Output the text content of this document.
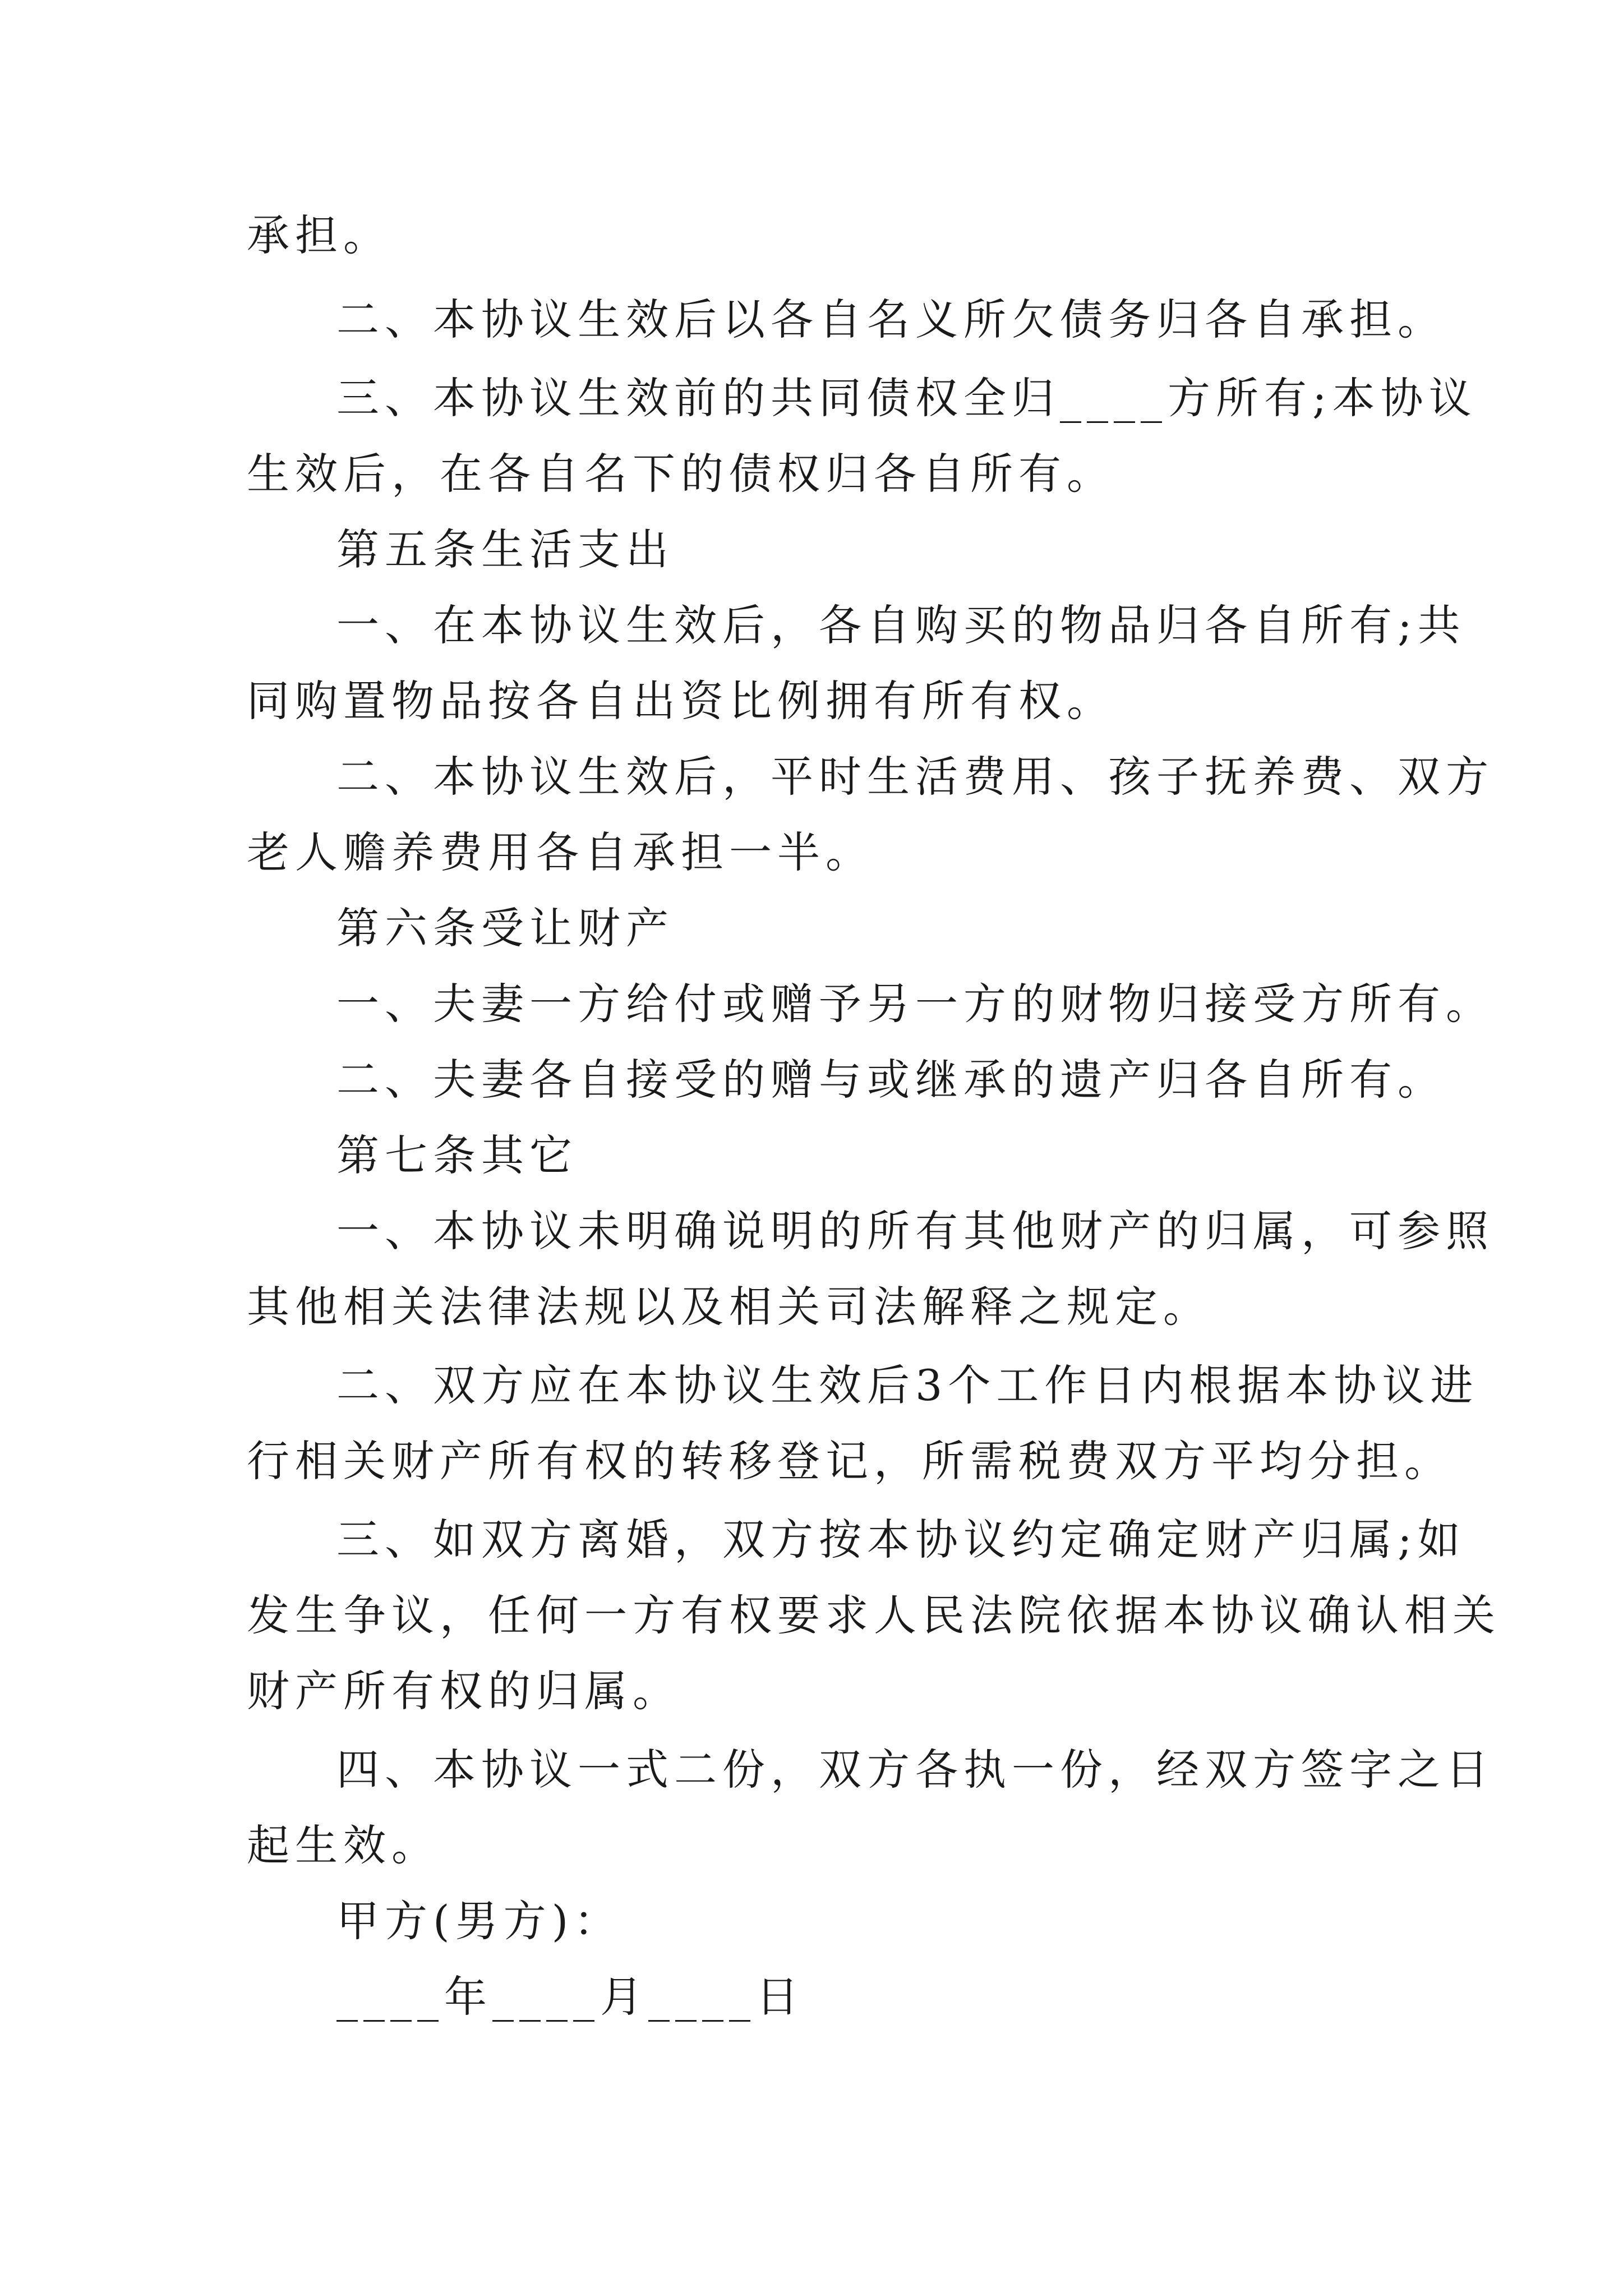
承担。
二、本协议生效后以各自名义所欠债务归各自承担。
三、本协议生效前的共同债权全归____方所有;本协议
生效后，在各自名下的债权归各自所有。
第五条生活支出
一、在本协议生效后，各自购买的物品归各自所有;共
同购置物品按各自出资比例拥有所有权。
二、本协议生效后，平时生活费用、孩子抚养费、双方
老人赡养费用各自承担一半。
第六条受让财产
一、夫妻一方给付或赠予另一方的财物归接受方所有。
二、夫妻各自接受的赠与或继承的遗产归各自所有。
第七条其它
一、本协议未明确说明的所有其他财产的归属，可参照
其他相关法律法规以及相关司法解释之规定。
二、双方应在本协议生效后3个工作日内根据本协议进
行相关财产所有权的转移登记，所需税费双方平均分担。
三、如双方离婚，双方按本协议约定确定财产归属;如
发生争议，任何一方有权要求人民法院依据本协议确认相关
财产所有权的归属。
四、本协议一式二份，双方各执一份，经双方签字之日
起生效。
甲方(男方)：
____年____月____日
